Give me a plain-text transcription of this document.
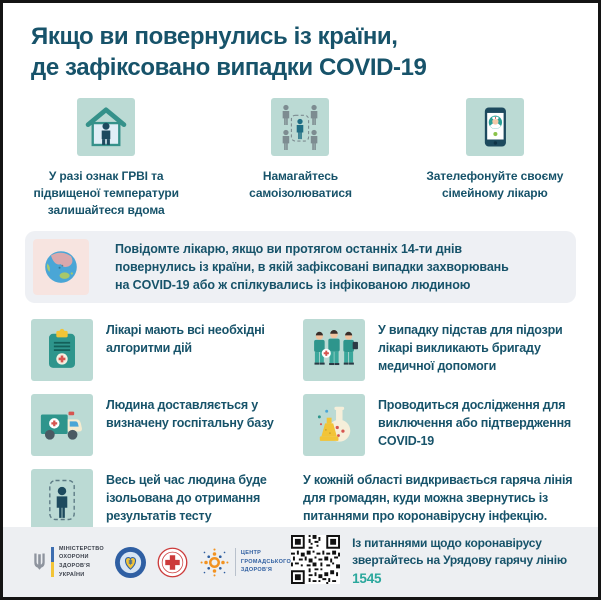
Якщо ви повернулись із країни,
де зафіксовано випадки COVID-19
У разі ознак ГРВІ та підвищеної температури залишайтеся вдома
Намагайтесь самоізолюватися
Зателефонуйте своєму сімейному лікарю
Повідомте лікарю, якщо ви протягом останніх 14-ти днів
повернулись із країни, в якій зафіксовані випадки захворювань
на COVID-19 або ж спілкувались із інфікованою людиною
Лікарі мають всі необхідні алгоритми дій
У випадку підстав для підозри лікарі викликають бригаду медичної допомоги
Людина доставляється у визначену госпітальну базу
Проводиться дослідження для виключення або підтвердження COVID-19
Весь цей час людина буде ізольована до отримання результатів тесту
У кожній області видкривається гаряча лінія для громадян, куди можна звернутись із питаннями про коронавірусну інфекцію.
МІНІСТЕРСТВО
ОХОРОНИ
ЗДОРОВ'Я
УКРАЇНИ
ЦЕНТР
ГРОМАДСЬКОГО
ЗДОРОВ'Я
Із питаннями щодо коронавірусу звертайтесь на Урядову гарячу лінію
1545
